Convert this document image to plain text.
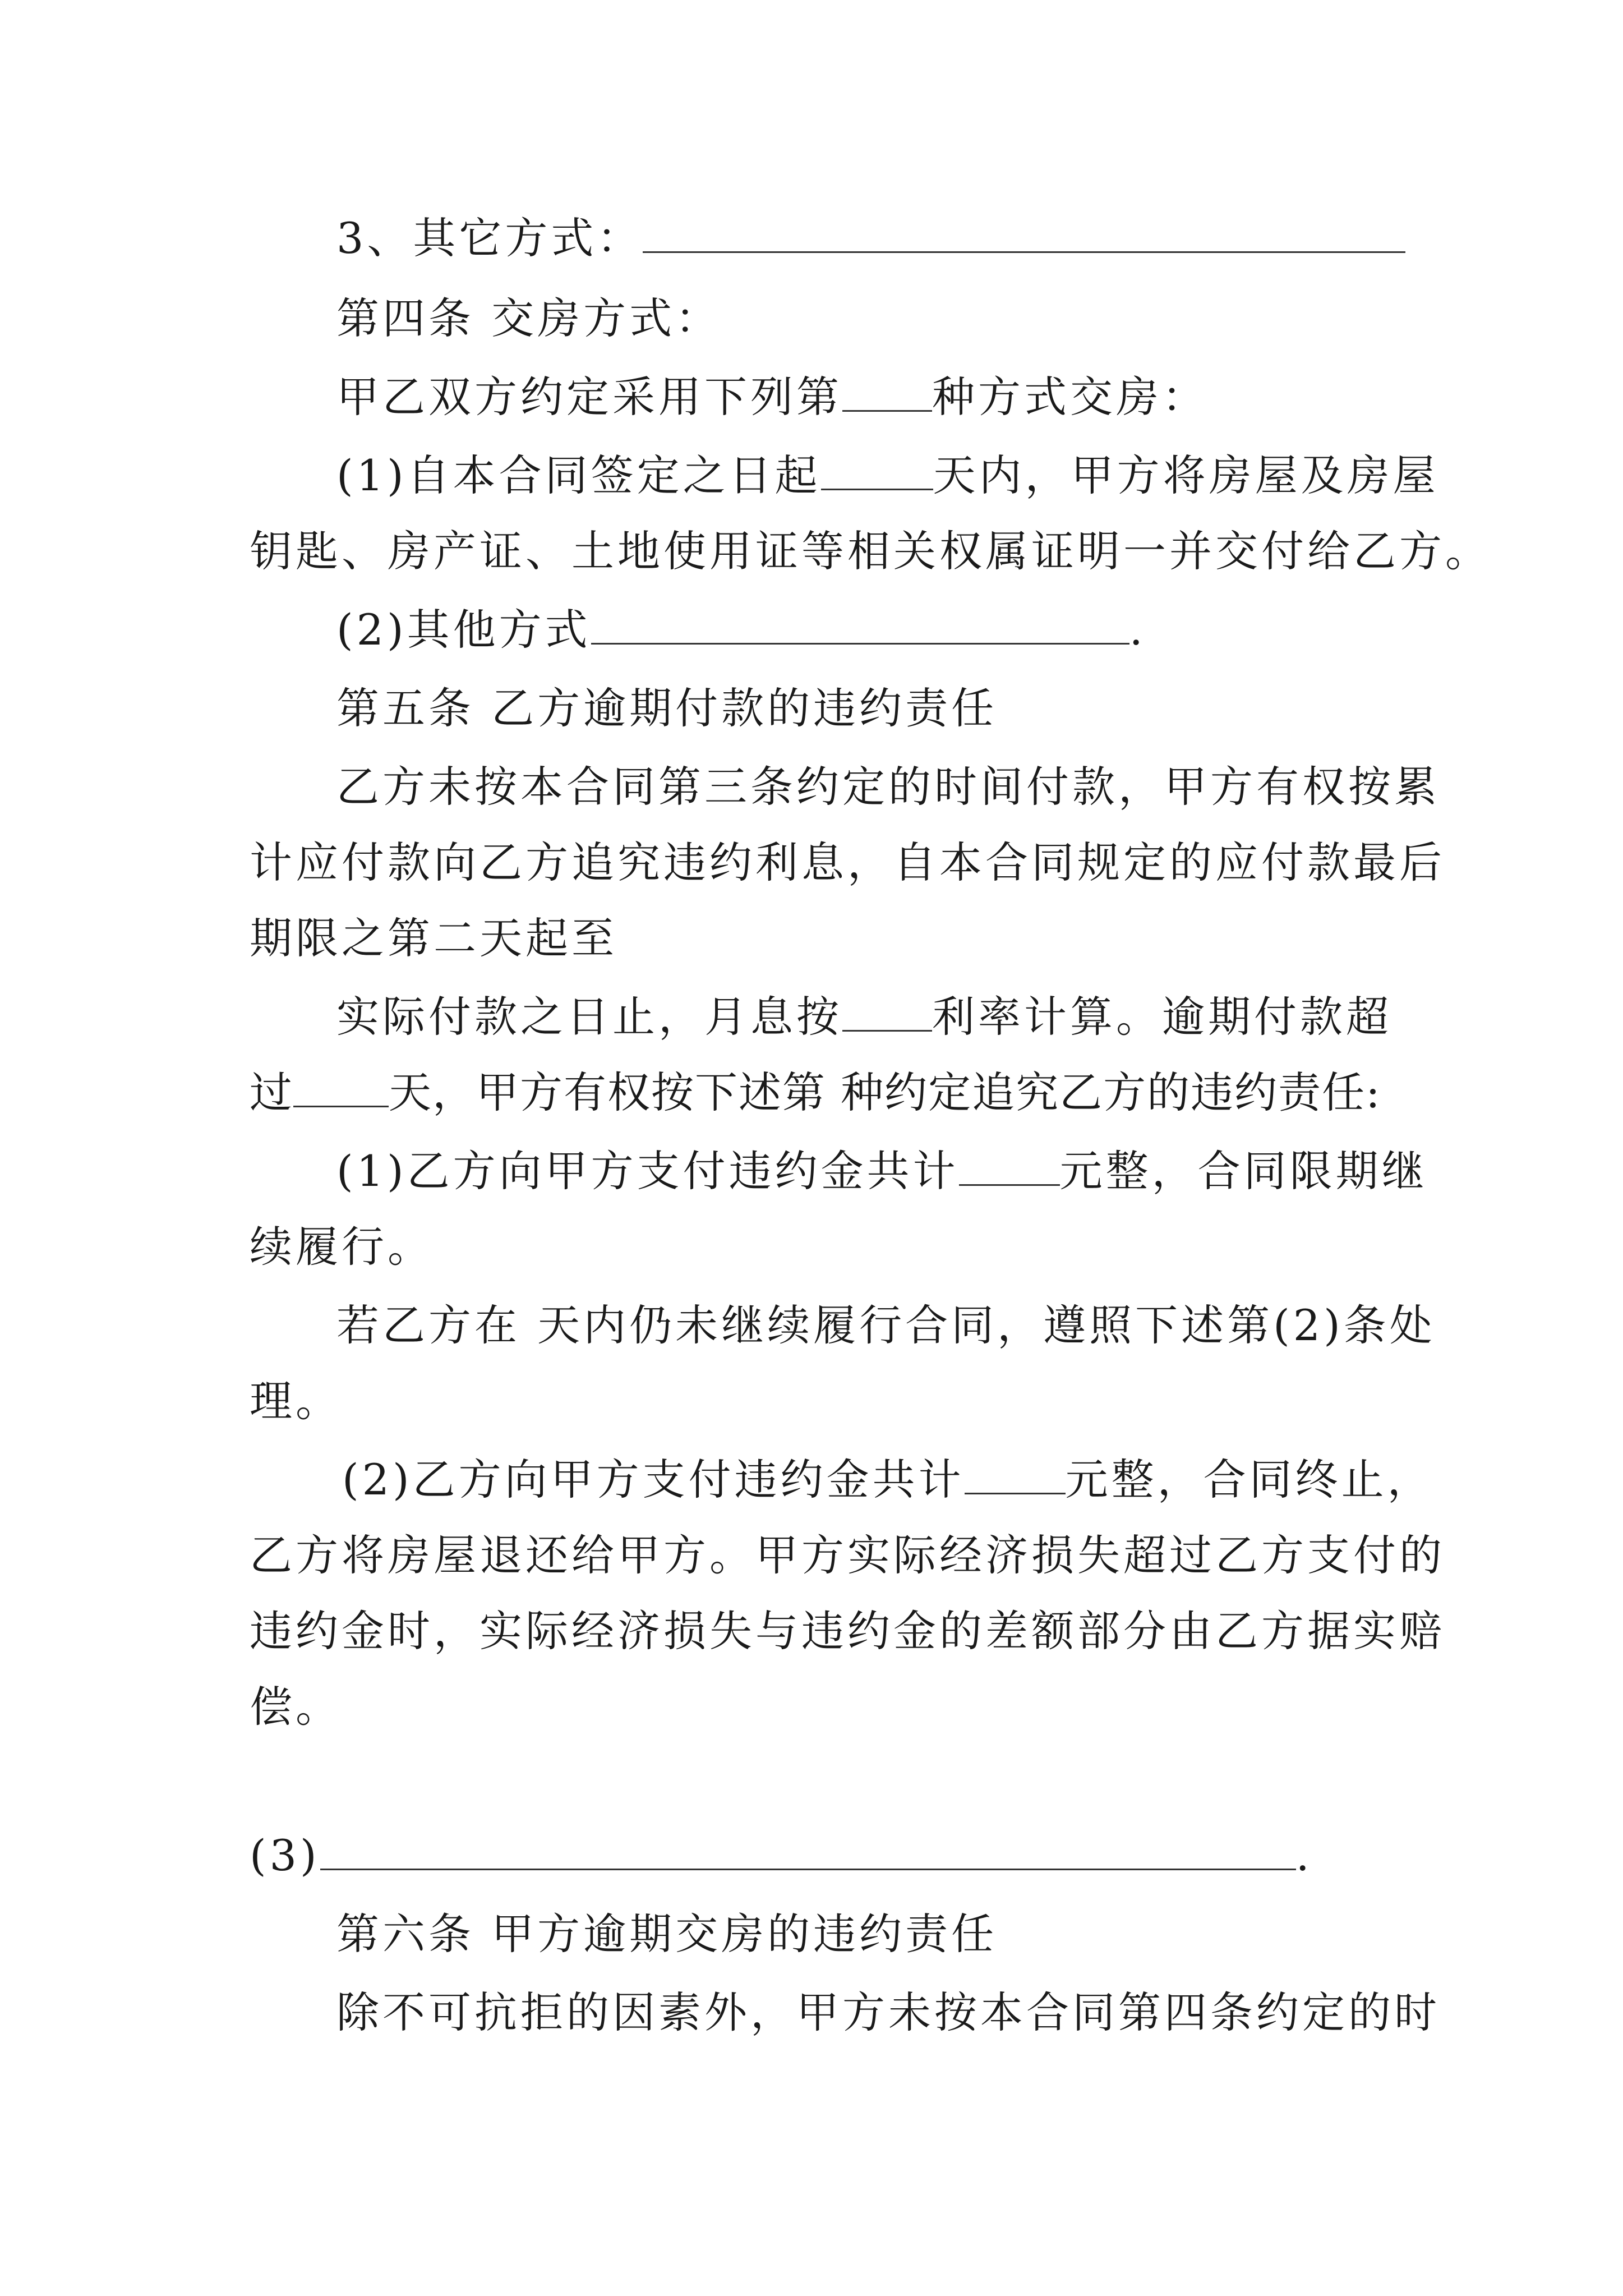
3、其它方式：
第四条 交房方式：
甲乙双方约定采用下列第 种方式交房：
(1)自本合同签定之日起	天内，甲方将房屋及房屋
钥匙、房产证、土地使用证等相关权属证明一并交付给乙方。
(2)其他方式	.
第五条 乙方逾期付款的违约责任
乙方未按本合同第三条约定的时间付款，甲方有权按累
计应付款向乙方追究违约利息，自本合同规定的应付款最后
期限之第二天起至
实际付款之日止，月息按 利率计算。逾期付款超
过 天，甲方有权按下述第 种约定追究乙方的违约责任:
(1)乙方向甲方支付违约金共计 元整，合同限期继
续履行。
若乙方在 天内仍未继续履行合同，遵照下述第(2)条处
理。
(2)乙方向甲方支付违约金共计 元整，合同终止，
乙方将房屋退还给甲方。甲方实际经济损失超过乙方支付的
违约金时，实际经济损失与违约金的差额部分由乙方据实赔
偿。
(3)	.
第六条 甲方逾期交房的违约责任
除不可抗拒的因素外，甲方未按本合同第四条约定的时
